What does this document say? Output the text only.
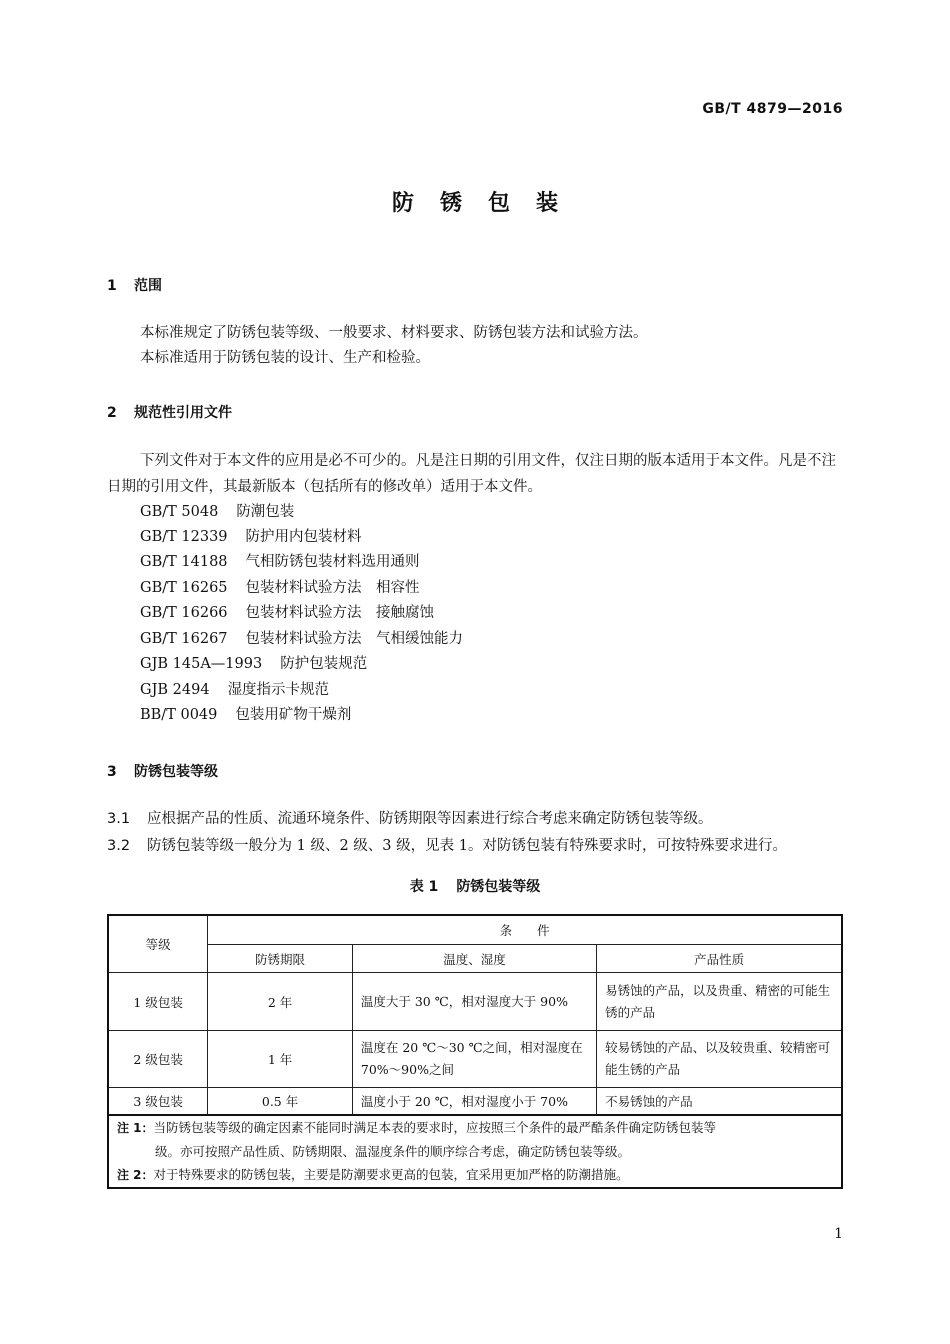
GB/T 4879—2016
防锈包装
1 范围
本标准规定了防锈包装等级、一般要求、材料要求、防锈包装方法和试验方法。
本标准适用于防锈包装的设计、生产和检验。
2 规范性引用文件
下列文件对于本文件的应用是必不可少的。凡是注日期的引用文件，仅注日期的版本适用于本文件。凡是不注日期的引用文件，其最新版本（包括所有的修改单）适用于本文件。
GB/T 5048 防潮包装
GB/T 12339 防护用内包装材料
GB/T 14188 气相防锈包装材料选用通则
GB/T 16265 包装材料试验方法　相容性
GB/T 16266 包装材料试验方法　接触腐蚀
GB/T 16267 包装材料试验方法　气相缓蚀能力
GJB 145A—1993 防护包装规范
GJB 2494 湿度指示卡规范
BB/T 0049 包装用矿物干燥剂
3 防锈包装等级
3.1 应根据产品的性质、流通环境条件、防锈期限等因素进行综合考虑来确定防锈包装等级。
3.2 防锈包装等级一般分为 1 级、2 级、3 级，见表 1。对防锈包装有特殊要求时，可按特殊要求进行。
表 1 防锈包装等级
等级	条　　件		
	防锈期限	温度、湿度	产品性质
1 级包装	2 年	温度大于 30 ℃，相对湿度大于 90%	易锈蚀的产品，以及贵重、精密的可能生锈的产品
2 级包装	1 年	温度在 20 ℃～30 ℃之间，相对湿度在 70%～90%之间	较易锈蚀的产品、以及较贵重、较精密可能生锈的产品
3 级包装	0.5 年	温度小于 20 ℃，相对湿度小于 70%	不易锈蚀的产品

注 1：当防锈包装等级的确定因素不能同时满足本表的要求时，应按照三个条件的最严酷条件确定防锈包装等
级。亦可按照产品性质、防锈期限、温湿度条件的顺序综合考虑，确定防锈包装等级。
注 2：对于特殊要求的防锈包装，主要是防潮要求更高的包装，宜采用更加严格的防潮措施。			
1
